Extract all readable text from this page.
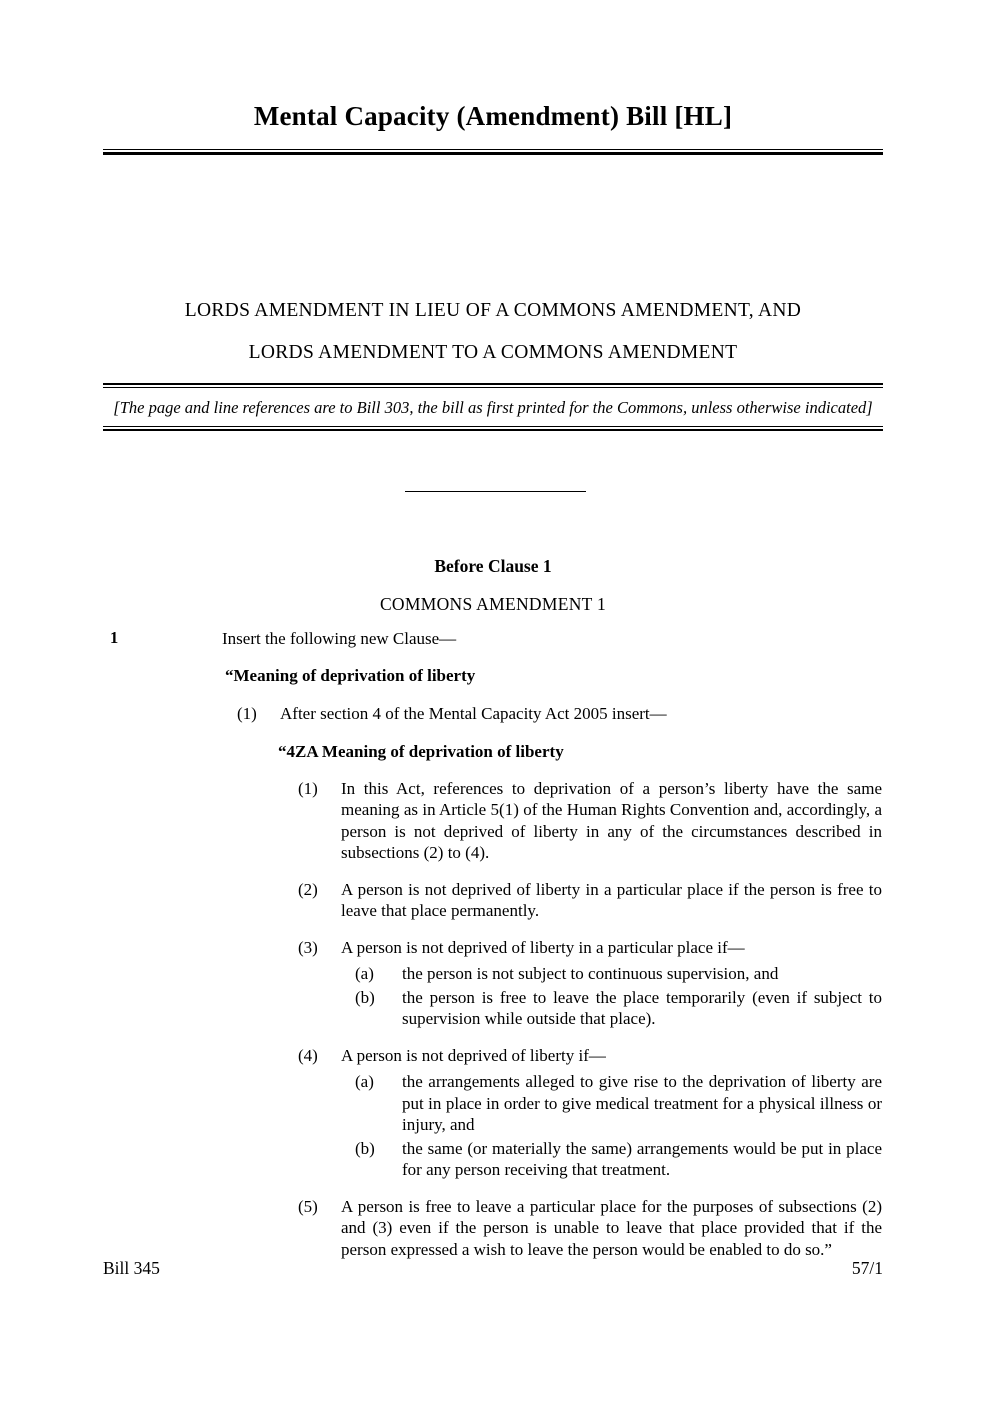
Mental Capacity (Amendment) Bill [HL]
LORDS AMENDMENT IN LIEU OF A COMMONS AMENDMENT, AND
LORDS AMENDMENT TO A COMMONS AMENDMENT
[The page and line references are to Bill 303, the bill as first printed for the Commons, unless otherwise indicated]
Before Clause 1
COMMONS AMENDMENT 1
1	Insert the following new Clause—
“Meaning of deprivation of liberty
(1) After section 4 of the Mental Capacity Act 2005 insert—
“4ZA Meaning of deprivation of liberty
(1) In this Act, references to deprivation of a person’s liberty have the same meaning as in Article 5(1) of the Human Rights Convention and, accordingly, a person is not deprived of liberty in any of the circumstances described in subsections (2) to (4).
(2) A person is not deprived of liberty in a particular place if the person is free to leave that place permanently.
(3) A person is not deprived of liberty in a particular place if—
(a) the person is not subject to continuous supervision, and
(b) the person is free to leave the place temporarily (even if subject to supervision while outside that place).
(4) A person is not deprived of liberty if—
(a) the arrangements alleged to give rise to the deprivation of liberty are put in place in order to give medical treatment for a physical illness or injury, and
(b) the same (or materially the same) arrangements would be put in place for any person receiving that treatment.
(5) A person is free to leave a particular place for the purposes of subsections (2) and (3) even if the person is unable to leave that place provided that if the person expressed a wish to leave the person would be enabled to do so.”
Bill 345	57/1
